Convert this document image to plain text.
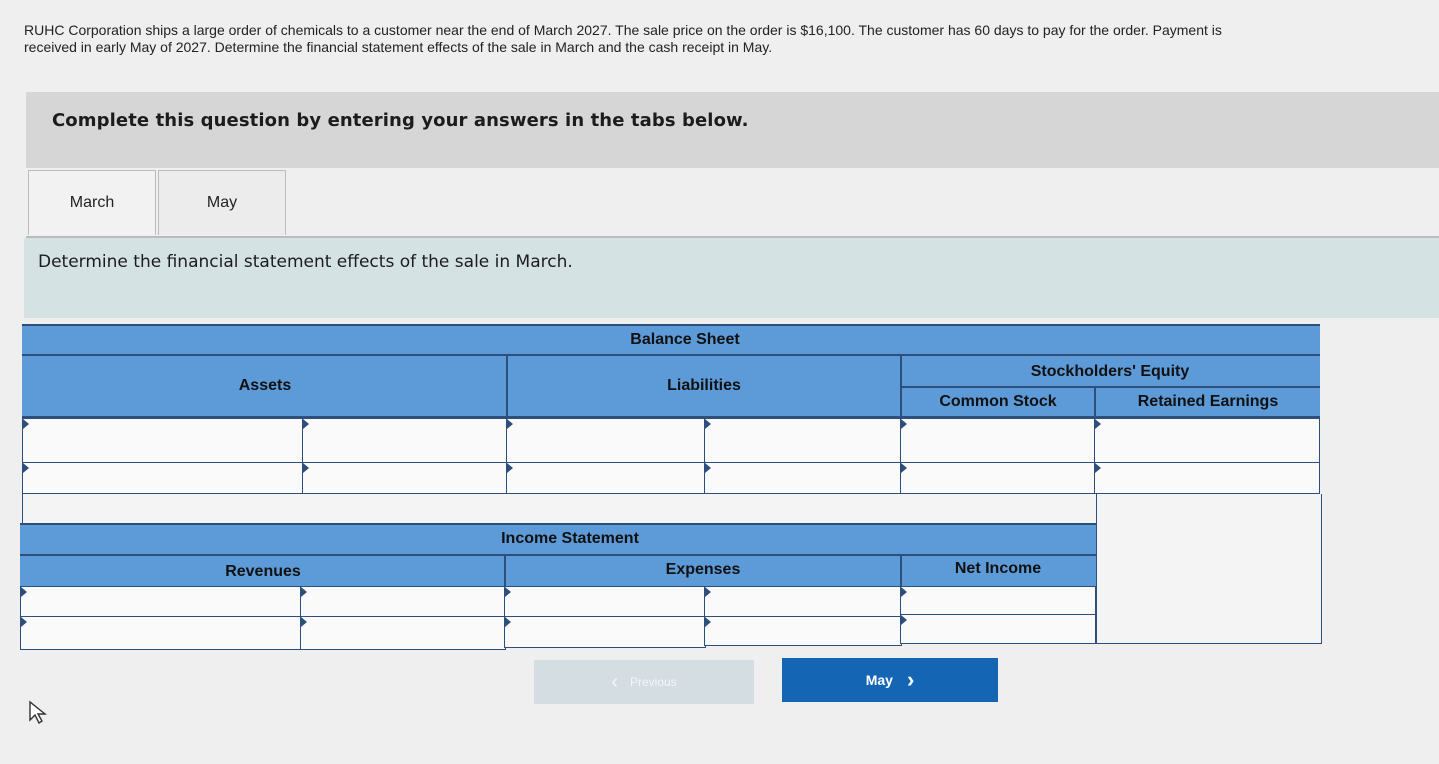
RUHC Corporation ships a large order of chemicals to a customer near the end of March 2027. The sale price on the order is $16,100. The customer has 60 days to pay for the order. Payment is received in early May of 2027. Determine the financial statement effects of the sale in March and the cash receipt in May.
Complete this question by entering your answers in the tabs below.
March	May
Determine the financial statement effects of the sale in March.
Balance Sheet
Assets	Liabilities
Stockholders' Equity
Common Stock	Retained Earnings
Income Statement
Revenues	Expenses	Net Income
‹ Previous	May ›
